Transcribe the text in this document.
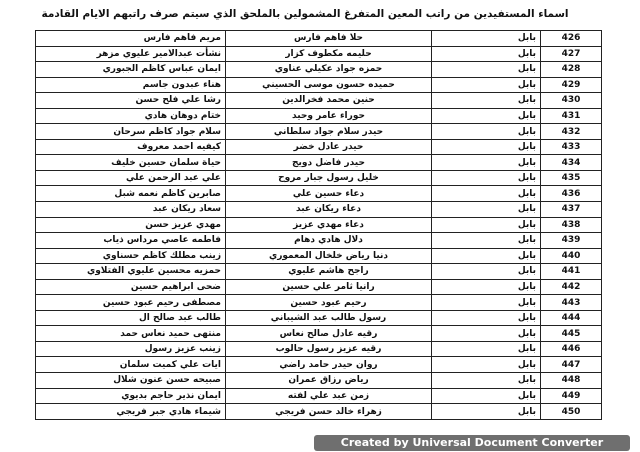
اسماء المستفيدين من راتب المعين المتفرغ المشمولين بالملحق الذي سيتم صرف راتبهم الايام القادمة
مريم فاهم فارس	حلا فاهم فارس	بابل	426
نشأت عبدالامير عليوي مزهر	حليمه مكطوف كزار	بابل	427
ايمان عباس كاظم الجبوري	حمزه جواد عكيلي عناوي	بابل	428
هناء عبدون جاسم	حميده حسون موسى الحسيني	بابل	429
رشا علي فلح حسن	حنين محمد فخرالدين	بابل	430
ختام دوهان هادي	حوراء عامر وحيد	بابل	431
سلام جواد كاظم سرحان	حيدر سلام جواد سلطاني	بابل	432
كيفيه احمد معروف	حيدر عادل خضر	بابل	433
حياة سلمان حسين خليف	حيدر فاضل دويج	بابل	434
علي عبد الرحمن علي	خليل رسول جبار مروح	بابل	435
صابرين كاظم نعمه شبل	دعاء حسين علي	بابل	436
سعاد ريكان عبد	دعاء ريكان عبد	بابل	437
مهدي عزيز حسن	دعاء مهدي عزيز	بابل	438
فاطمه عاصي مرداس ذياب	دلال هادي دهام	بابل	439
زينب مطلك كاظم حسناوي	دنيا رياض خلخال المعموري	بابل	440
حمزيه محسين عليوي الفتلاوي	راجح هاشم عليوي	بابل	441
ضحى ابراهيم حسين	رانيا ثامر علي حسين	بابل	442
مصطفى رحيم عبود حسين	رحيم عبود حسين	بابل	443
طالب عبد صالح ال	رسول طالب عبد الشيباني	بابل	444
منتهى حميد نعاس حمد	رقيه عادل صالح نعاس	بابل	445
زينب عزيز رسول	رقيه عزيز رسول حالوب	بابل	446
ايات علي كميت سلمان	روان حيدر حامد راضي	بابل	447
صبيحه حسن عنون شلال	رياض رزاق عمران	بابل	448
ايمان نذير حاجم بديوي	زمن عبد علي لفته	بابل	449
شيماء هادي جبر فريجي	زهراء خالد حسن فريجي	بابل	450
Created by Universal Document Converter
